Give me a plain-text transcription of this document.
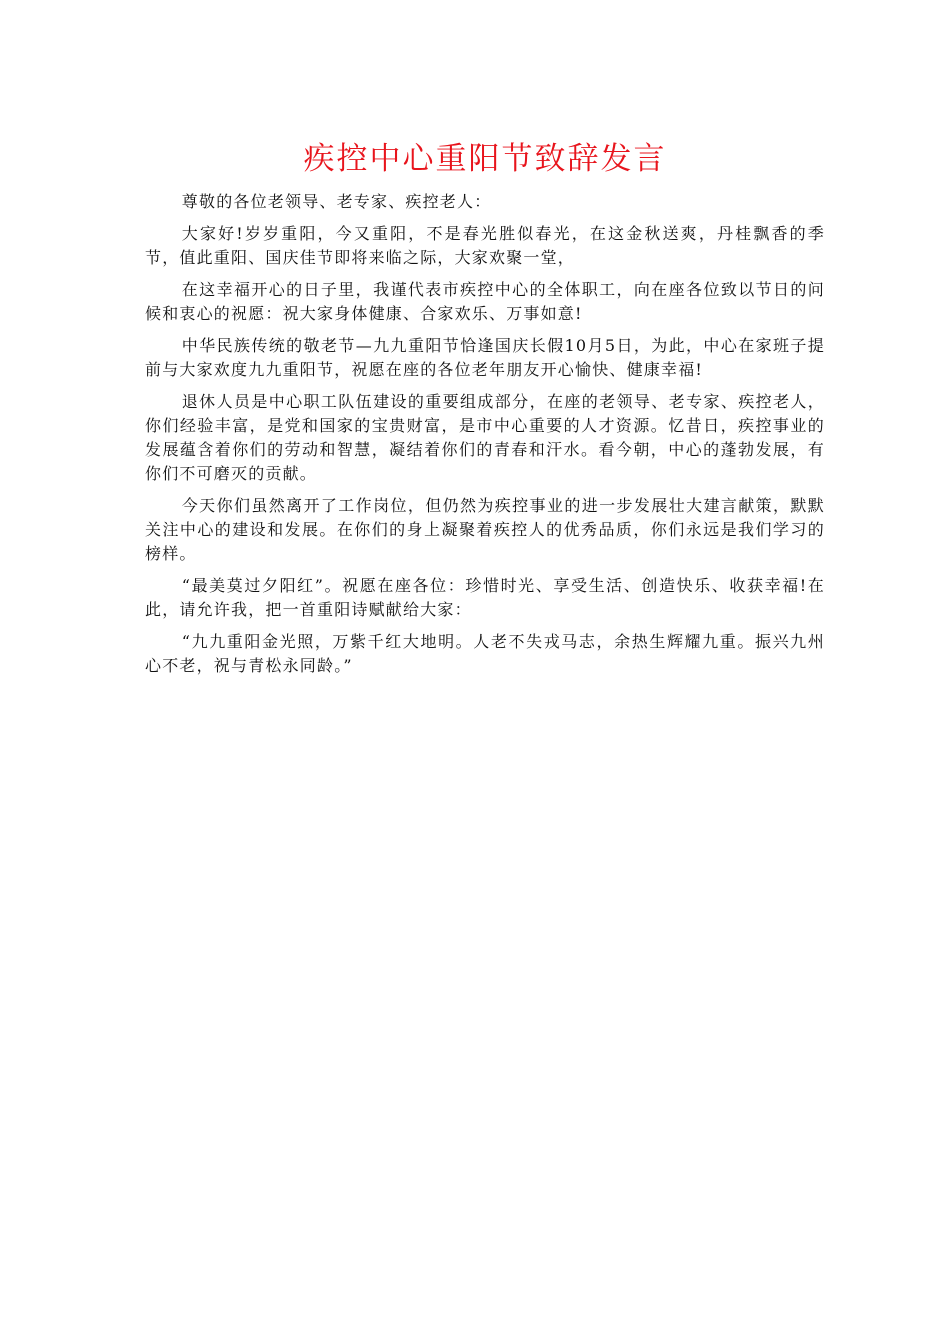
疾控中心重阳节致辞发言

尊敬的各位老领导、老专家、疾控老人：

大家好!岁岁重阳，今又重阳，不是春光胜似春光，在这金秋送爽，丹桂飘香的季节，值此重阳、国庆佳节即将来临之际，大家欢聚一堂，

在这幸福开心的日子里，我谨代表市疾控中心的全体职工，向在座各位致以节日的问候和衷心的祝愿：祝大家身体健康、合家欢乐、万事如意!

中华民族传统的敬老节—九九重阳节恰逢国庆长假10月5日，为此，中心在家班子提前与大家欢度九九重阳节，祝愿在座的各位老年朋友开心愉快、健康幸福!

退休人员是中心职工队伍建设的重要组成部分，在座的老领导、老专家、疾控老人，你们经验丰富，是党和国家的宝贵财富，是市中心重要的人才资源。忆昔日，疾控事业的发展蕴含着你们的劳动和智慧，凝结着你们的青春和汗水。看今朝，中心的蓬勃发展，有你们不可磨灭的贡献。

今天你们虽然离开了工作岗位，但仍然为疾控事业的进一步发展壮大建言献策，默默关注中心的建设和发展。在你们的身上凝聚着疾控人的优秀品质，你们永远是我们学习的榜样。

“最美莫过夕阳红”。祝愿在座各位：珍惜时光、享受生活、创造快乐、收获幸福!在此，请允许我，把一首重阳诗赋献给大家：

“九九重阳金光照，万紫千红大地明。人老不失戎马志，余热生辉耀九重。振兴九州心不老，祝与青松永同龄。”
